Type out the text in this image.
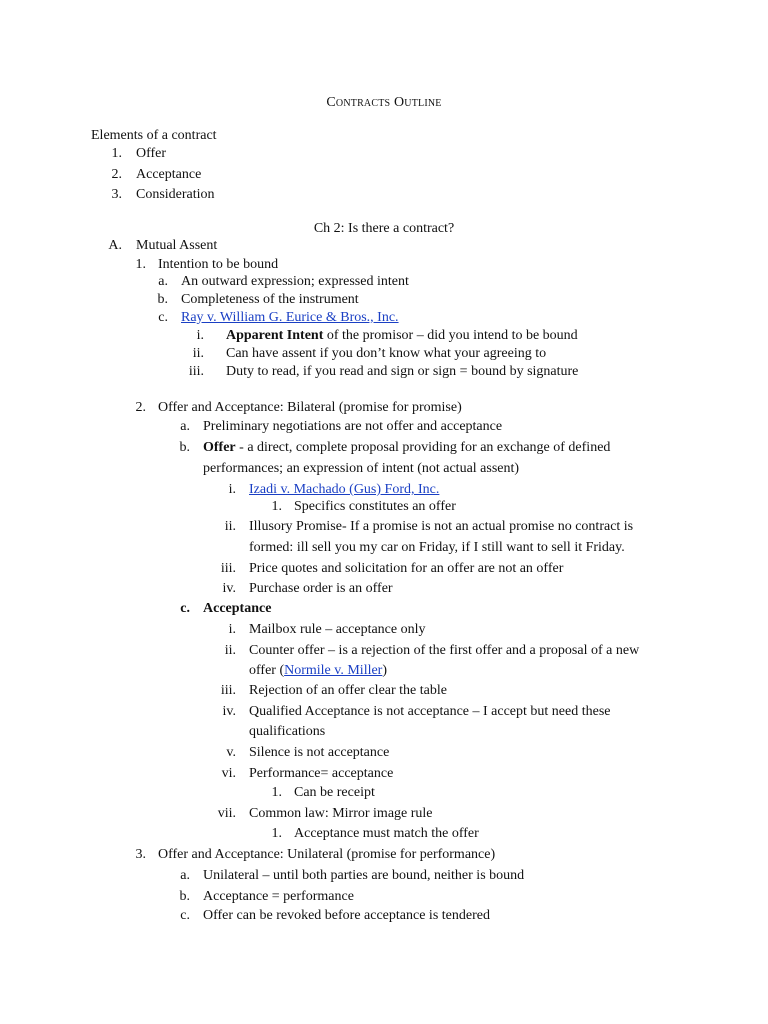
Contracts Outline
Elements of a contract
1. Offer
2. Acceptance
3. Consideration
Ch 2: Is there a contract?
A. Mutual Assent
1. Intention to be bound
a. An outward expression; expressed intent
b. Completeness of the instrument
c. Ray v. William G. Eurice & Bros., Inc.
i. Apparent Intent of the promisor – did you intend to be bound
ii. Can have assent if you don’t know what your agreeing to
iii. Duty to read, if you read and sign or sign = bound by signature
2. Offer and Acceptance: Bilateral (promise for promise)
a. Preliminary negotiations are not offer and acceptance
b. Offer - a direct, complete proposal providing for an exchange of defined
performances; an expression of intent (not actual assent)
i. Izadi v. Machado (Gus) Ford, Inc.
1. Specifics constitutes an offer
ii. Illusory Promise- If a promise is not an actual promise no contract is
formed: ill sell you my car on Friday, if I still want to sell it Friday.
iii. Price quotes and solicitation for an offer are not an offer
iv. Purchase order is an offer
c. Acceptance
i. Mailbox rule – acceptance only
ii. Counter offer – is a rejection of the first offer and a proposal of a new
offer (Normile v. Miller)
iii. Rejection of an offer clear the table
iv. Qualified Acceptance is not acceptance – I accept but need these
qualifications
v. Silence is not acceptance
vi. Performance= acceptance
1. Can be receipt
vii. Common law: Mirror image rule
1. Acceptance must match the offer
3. Offer and Acceptance: Unilateral (promise for performance)
a. Unilateral – until both parties are bound, neither is bound
b. Acceptance = performance
c. Offer can be revoked before acceptance is tendered
